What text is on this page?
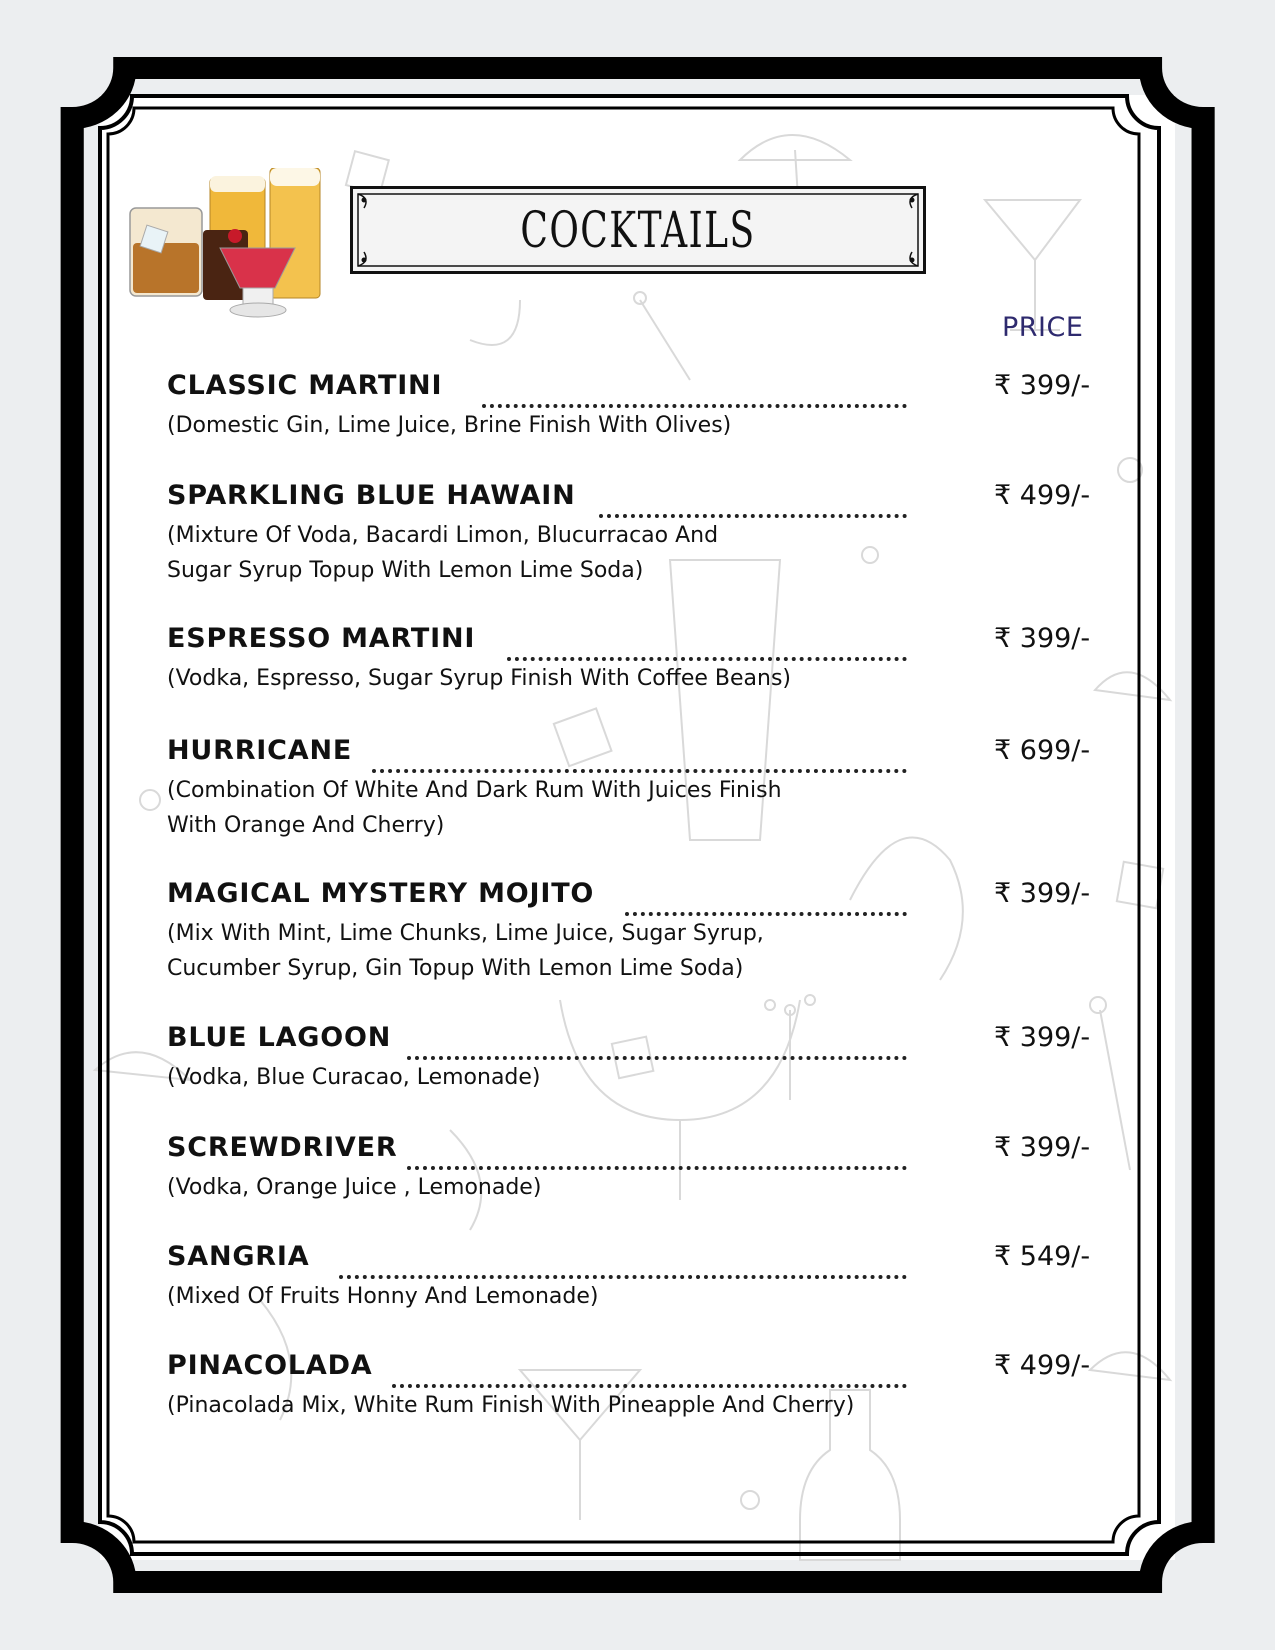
COCKTAILS
PRICE
CLASSIC MARTINI	₹ 399/-
(Domestic Gin, Lime Juice, Brine Finish With Olives)
SPARKLING BLUE HAWAIN	₹ 499/-
(Mixture Of Voda, Bacardi Limon, Blucurracao And
Sugar Syrup Topup With Lemon Lime Soda)
ESPRESSO MARTINI	₹ 399/-
(Vodka, Espresso, Sugar Syrup Finish With Coffee Beans)
HURRICANE	₹ 699/-
(Combination Of White And Dark Rum With Juices Finish
With Orange And Cherry)
MAGICAL MYSTERY MOJITO	₹ 399/-
(Mix With Mint, Lime Chunks, Lime Juice, Sugar Syrup,
Cucumber Syrup, Gin Topup With Lemon Lime Soda)
BLUE LAGOON	₹ 399/-
(Vodka, Blue Curacao, Lemonade)
SCREWDRIVER	₹ 399/-
(Vodka, Orange Juice , Lemonade)
SANGRIA	₹ 549/-
(Mixed Of Fruits Honny And Lemonade)
PINACOLADA	₹ 499/-
(Pinacolada Mix, White Rum Finish With Pineapple And Cherry)
